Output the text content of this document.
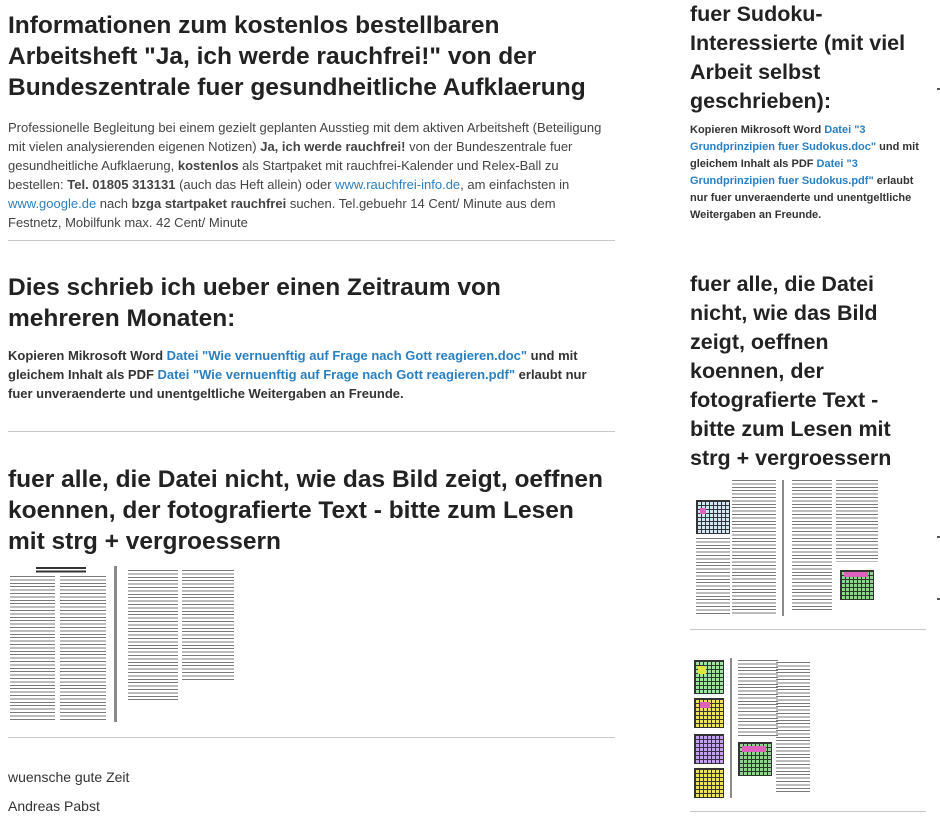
Informationen zum kostenlos bestellbaren Arbeitsheft "Ja, ich werde rauchfrei!" von der Bundeszentrale fuer gesundheitliche Aufklaerung

Professionelle Begleitung bei einem gezielt geplanten Ausstieg mit dem aktiven Arbeitsheft (Beteiligung mit vielen analysierenden eigenen Notizen) Ja, ich werde rauchfrei! von der Bundeszentrale fuer gesundheitliche Aufklaerung, kostenlos als Startpaket mit rauchfrei-Kalender und Relex-Ball zu bestellen: Tel. 01805 313131 (auch das Heft allein) oder www.rauchfrei-info.de, am einfachsten in www.google.de nach bzga startpaket rauchfrei suchen. Tel.gebuehr 14 Cent/ Minute aus dem Festnetz, Mobilfunk max. 42 Cent/ Minute

Dies schrieb ich ueber einen Zeitraum von mehreren Monaten:

Kopieren Mikrosoft Word Datei "Wie vernuenftig auf Frage nach Gott reagieren.doc" und mit gleichem Inhalt als PDF Datei "Wie vernuenftig auf Frage nach Gott reagieren.pdf" erlaubt nur fuer unveraenderte und unentgeltliche Weitergaben an Freunde.

fuer alle, die Datei nicht, wie das Bild zeigt, oeffnen koennen, der fotografierte Text - bitte zum Lesen mit strg + vergroessern
wuensche gute Zeit
Andreas Pabst
fuer Sudoku-Interessierte (mit viel Arbeit selbst geschrieben):

Kopieren Mikrosoft Word Datei "3 Grundprinzipien fuer Sudokus.doc" und mit gleichem Inhalt als PDF Datei "3 Grundprinzipien fuer Sudokus.pdf" erlaubt nur fuer unveraenderte und unentgeltliche Weitergaben an Freunde.

fuer alle, die Datei nicht, wie das Bild zeigt, oeffnen koennen, der fotografierte Text - bitte zum Lesen mit strg + vergroessern
